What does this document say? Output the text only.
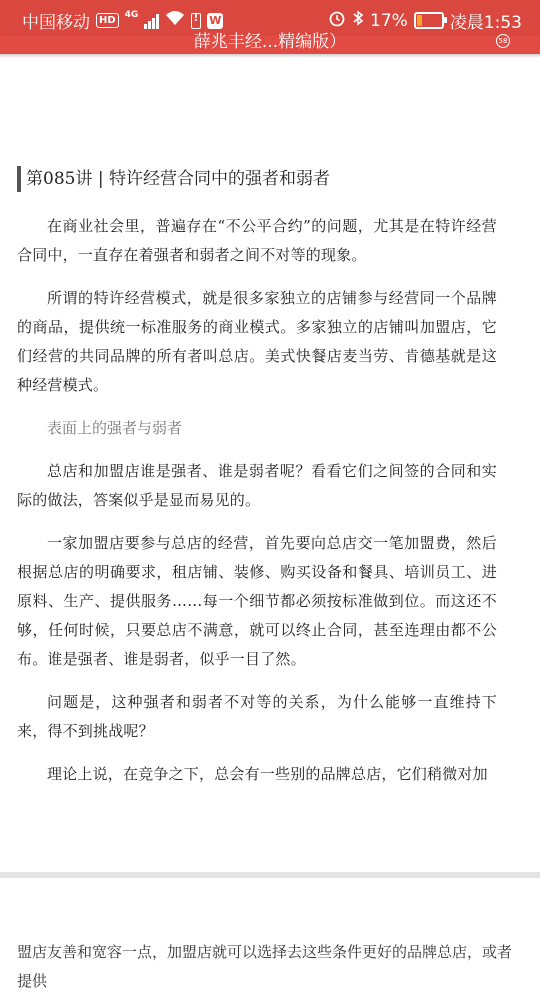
中国移动 HD
4G
!	W	17% 凌晨1:53
薛兆丰经...精编版）	58
第085讲 | 特许经营合同中的强者和弱者

在商业社会里，普遍存在“不公平合约”的问题，尤其是在特许经营合同中，一直存在着强者和弱者之间不对等的现象。

所谓的特许经营模式，就是很多家独立的店铺参与经营同一个品牌的商品，提供统一标准服务的商业模式。多家独立的店铺叫加盟店，它们经营的共同品牌的所有者叫总店。美式快餐店麦当劳、肯德基就是这种经营模式。

表面上的强者与弱者

总店和加盟店谁是强者、谁是弱者呢？看看它们之间签的合同和实际的做法，答案似乎是显而易见的。

一家加盟店要参与总店的经营，首先要向总店交一笔加盟费，然后根据总店的明确要求，租店铺、装修、购买设备和餐具、培训员工、进原料、生产、提供服务……每一个细节都必须按标准做到位。而这还不够，任何时候，只要总店不满意，就可以终止合同，甚至连理由都不公布。谁是强者、谁是弱者，似乎一目了然。

问题是，这种强者和弱者不对等的关系，为什么能够一直维持下来，得不到挑战呢？

理论上说，在竞争之下，总会有一些别的品牌总店，它们稍微对加

盟店友善和宽容一点，加盟店就可以选择去这些条件更好的品牌总店，或者提供
